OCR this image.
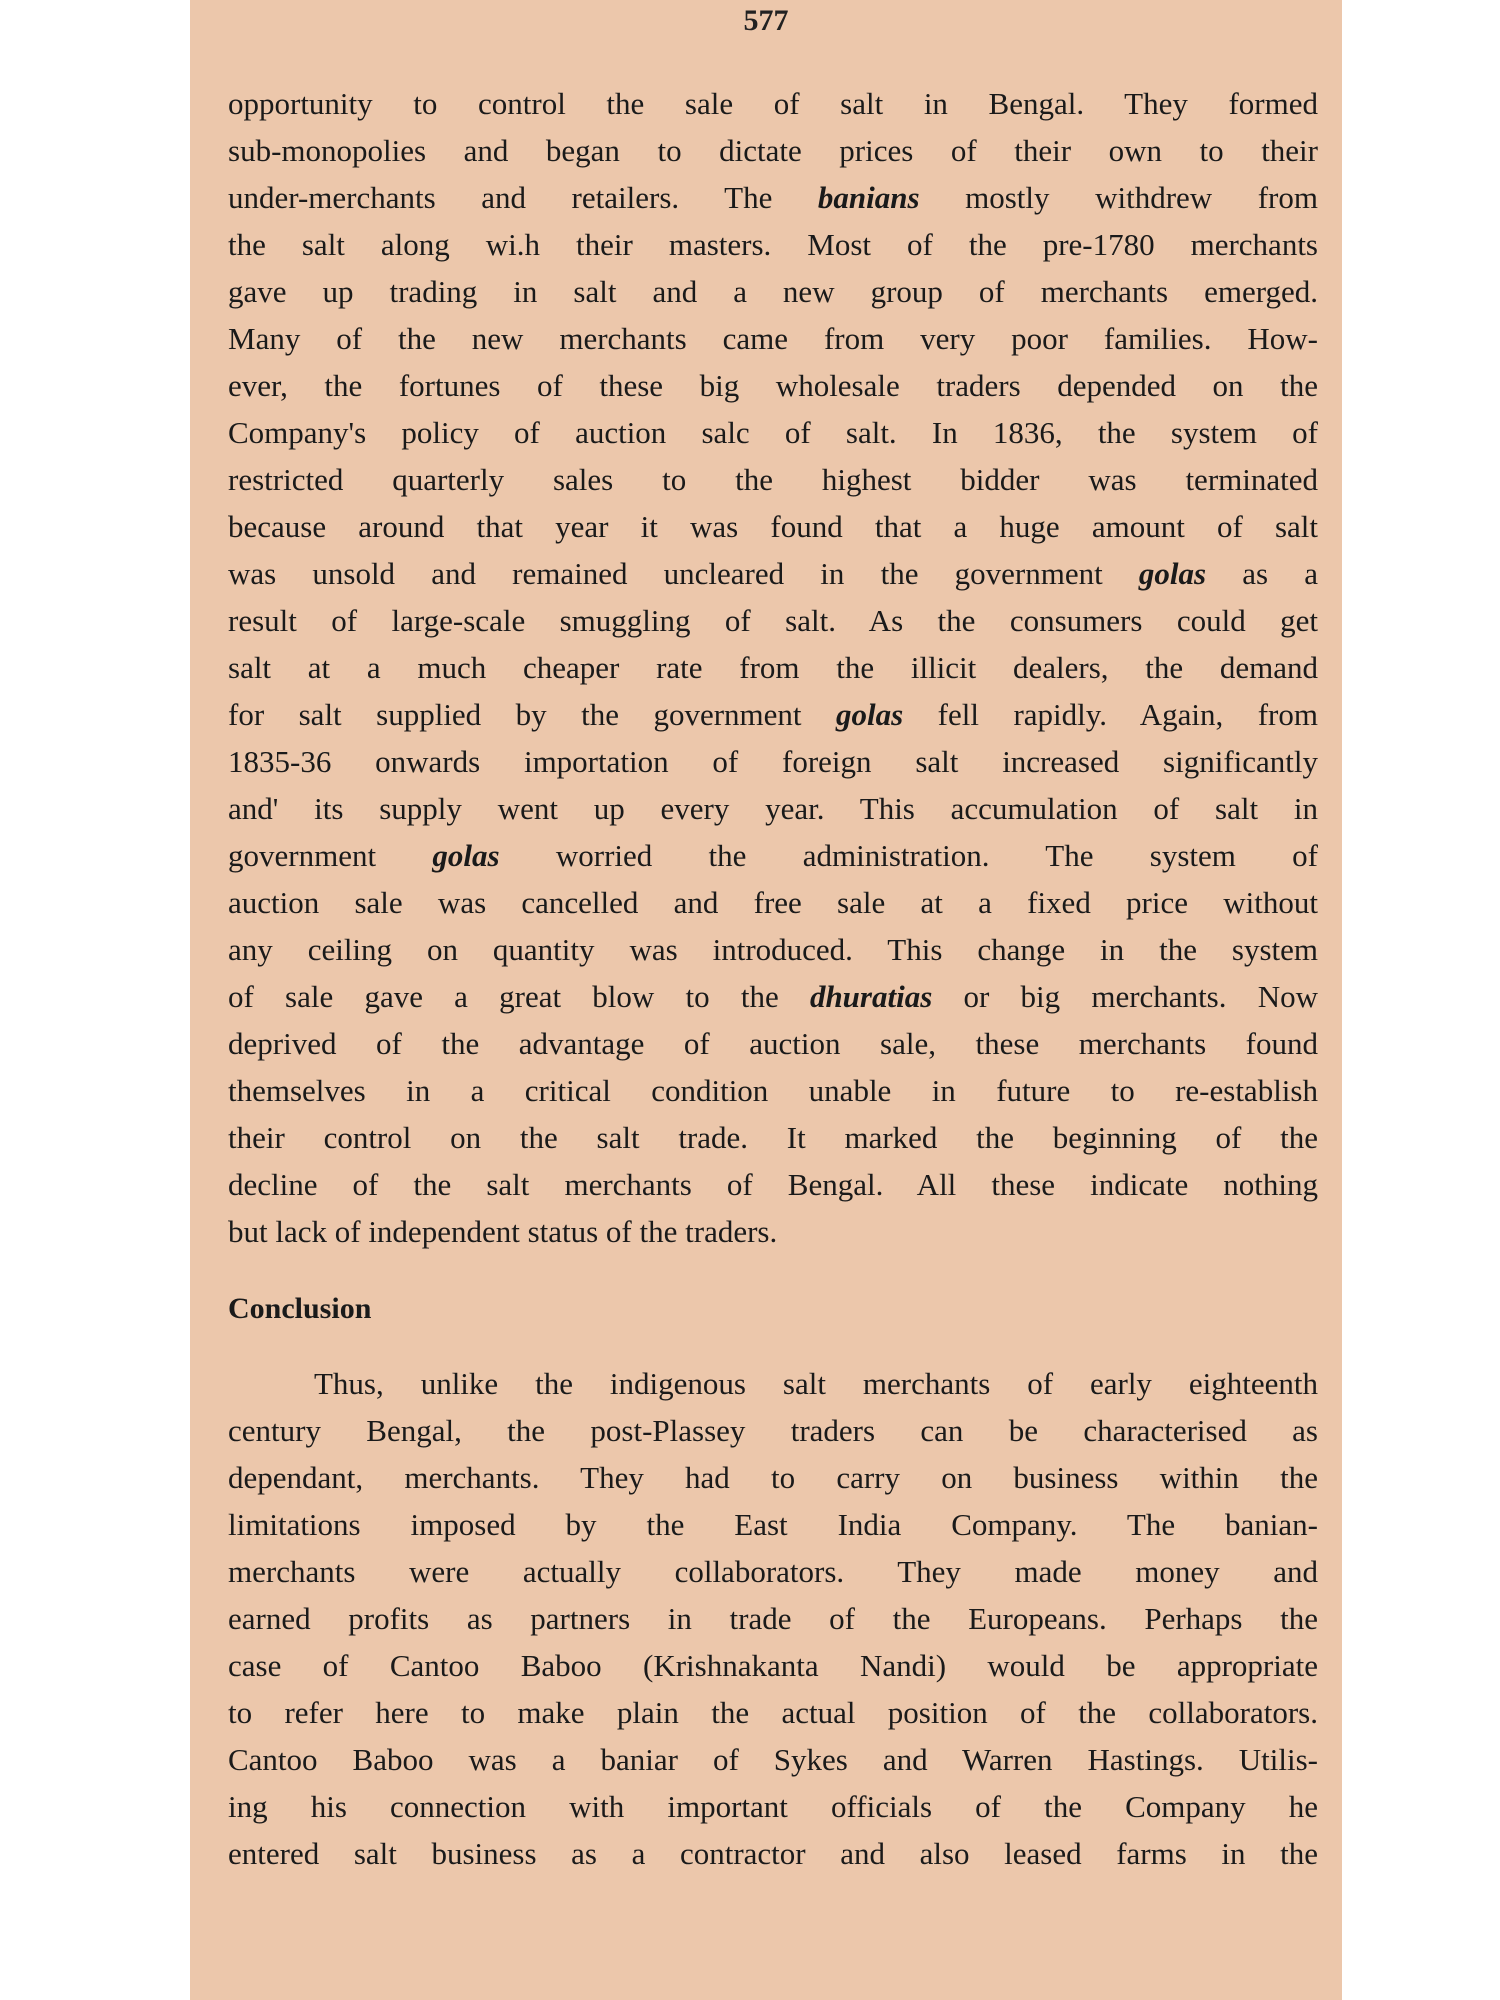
577
opportunity to control the sale of salt in Bengal. They formed
sub-monopolies and began to dictate prices of their own to their
under-merchants and retailers. The banians mostly withdrew from
the salt along wi.h their masters. Most of the pre-1780 merchants
gave up trading in salt and a new group of merchants emerged.
Many of the new merchants came from very poor families. How-
ever, the fortunes of these big wholesale traders depended on the
Company's policy of auction salc of salt. In 1836, the system of
restricted quarterly sales to the highest bidder was terminated
because around that year it was found that a huge amount of salt
was unsold and remained uncleared in the government golas as a
result of large-scale smuggling of salt. As the consumers could get
salt at a much cheaper rate from the illicit dealers, the demand
for salt supplied by the government golas fell rapidly. Again, from
1835-36 onwards importation of foreign salt increased significantly
and' its supply went up every year. This accumulation of salt in
government golas worried the administration. The system of
auction sale was cancelled and free sale at a fixed price without
any ceiling on quantity was introduced. This change in the system
of sale gave a great blow to the dhuratias or big merchants. Now
deprived of the advantage of auction sale, these merchants found
themselves in a critical condition unable in future to re-establish
their control on the salt trade. It marked the beginning of the
decline of the salt merchants of Bengal. All these indicate nothing
but lack of independent status of the traders.
Conclusion
Thus, unlike the indigenous salt merchants of early eighteenth
century Bengal, the post-Plassey traders can be characterised as
dependant, merchants. They had to carry on business within the
limitations imposed by the East India Company. The banian-
merchants were actually collaborators. They made money and
earned profits as partners in trade of the Europeans. Perhaps the
case of Cantoo Baboo (Krishnakanta Nandi) would be appropriate
to refer here to make plain the actual position of the collaborators.
Cantoo Baboo was a baniar of Sykes and Warren Hastings. Utilis-
ing his connection with important officials of the Company he
entered salt business as a contractor and also leased farms in the
